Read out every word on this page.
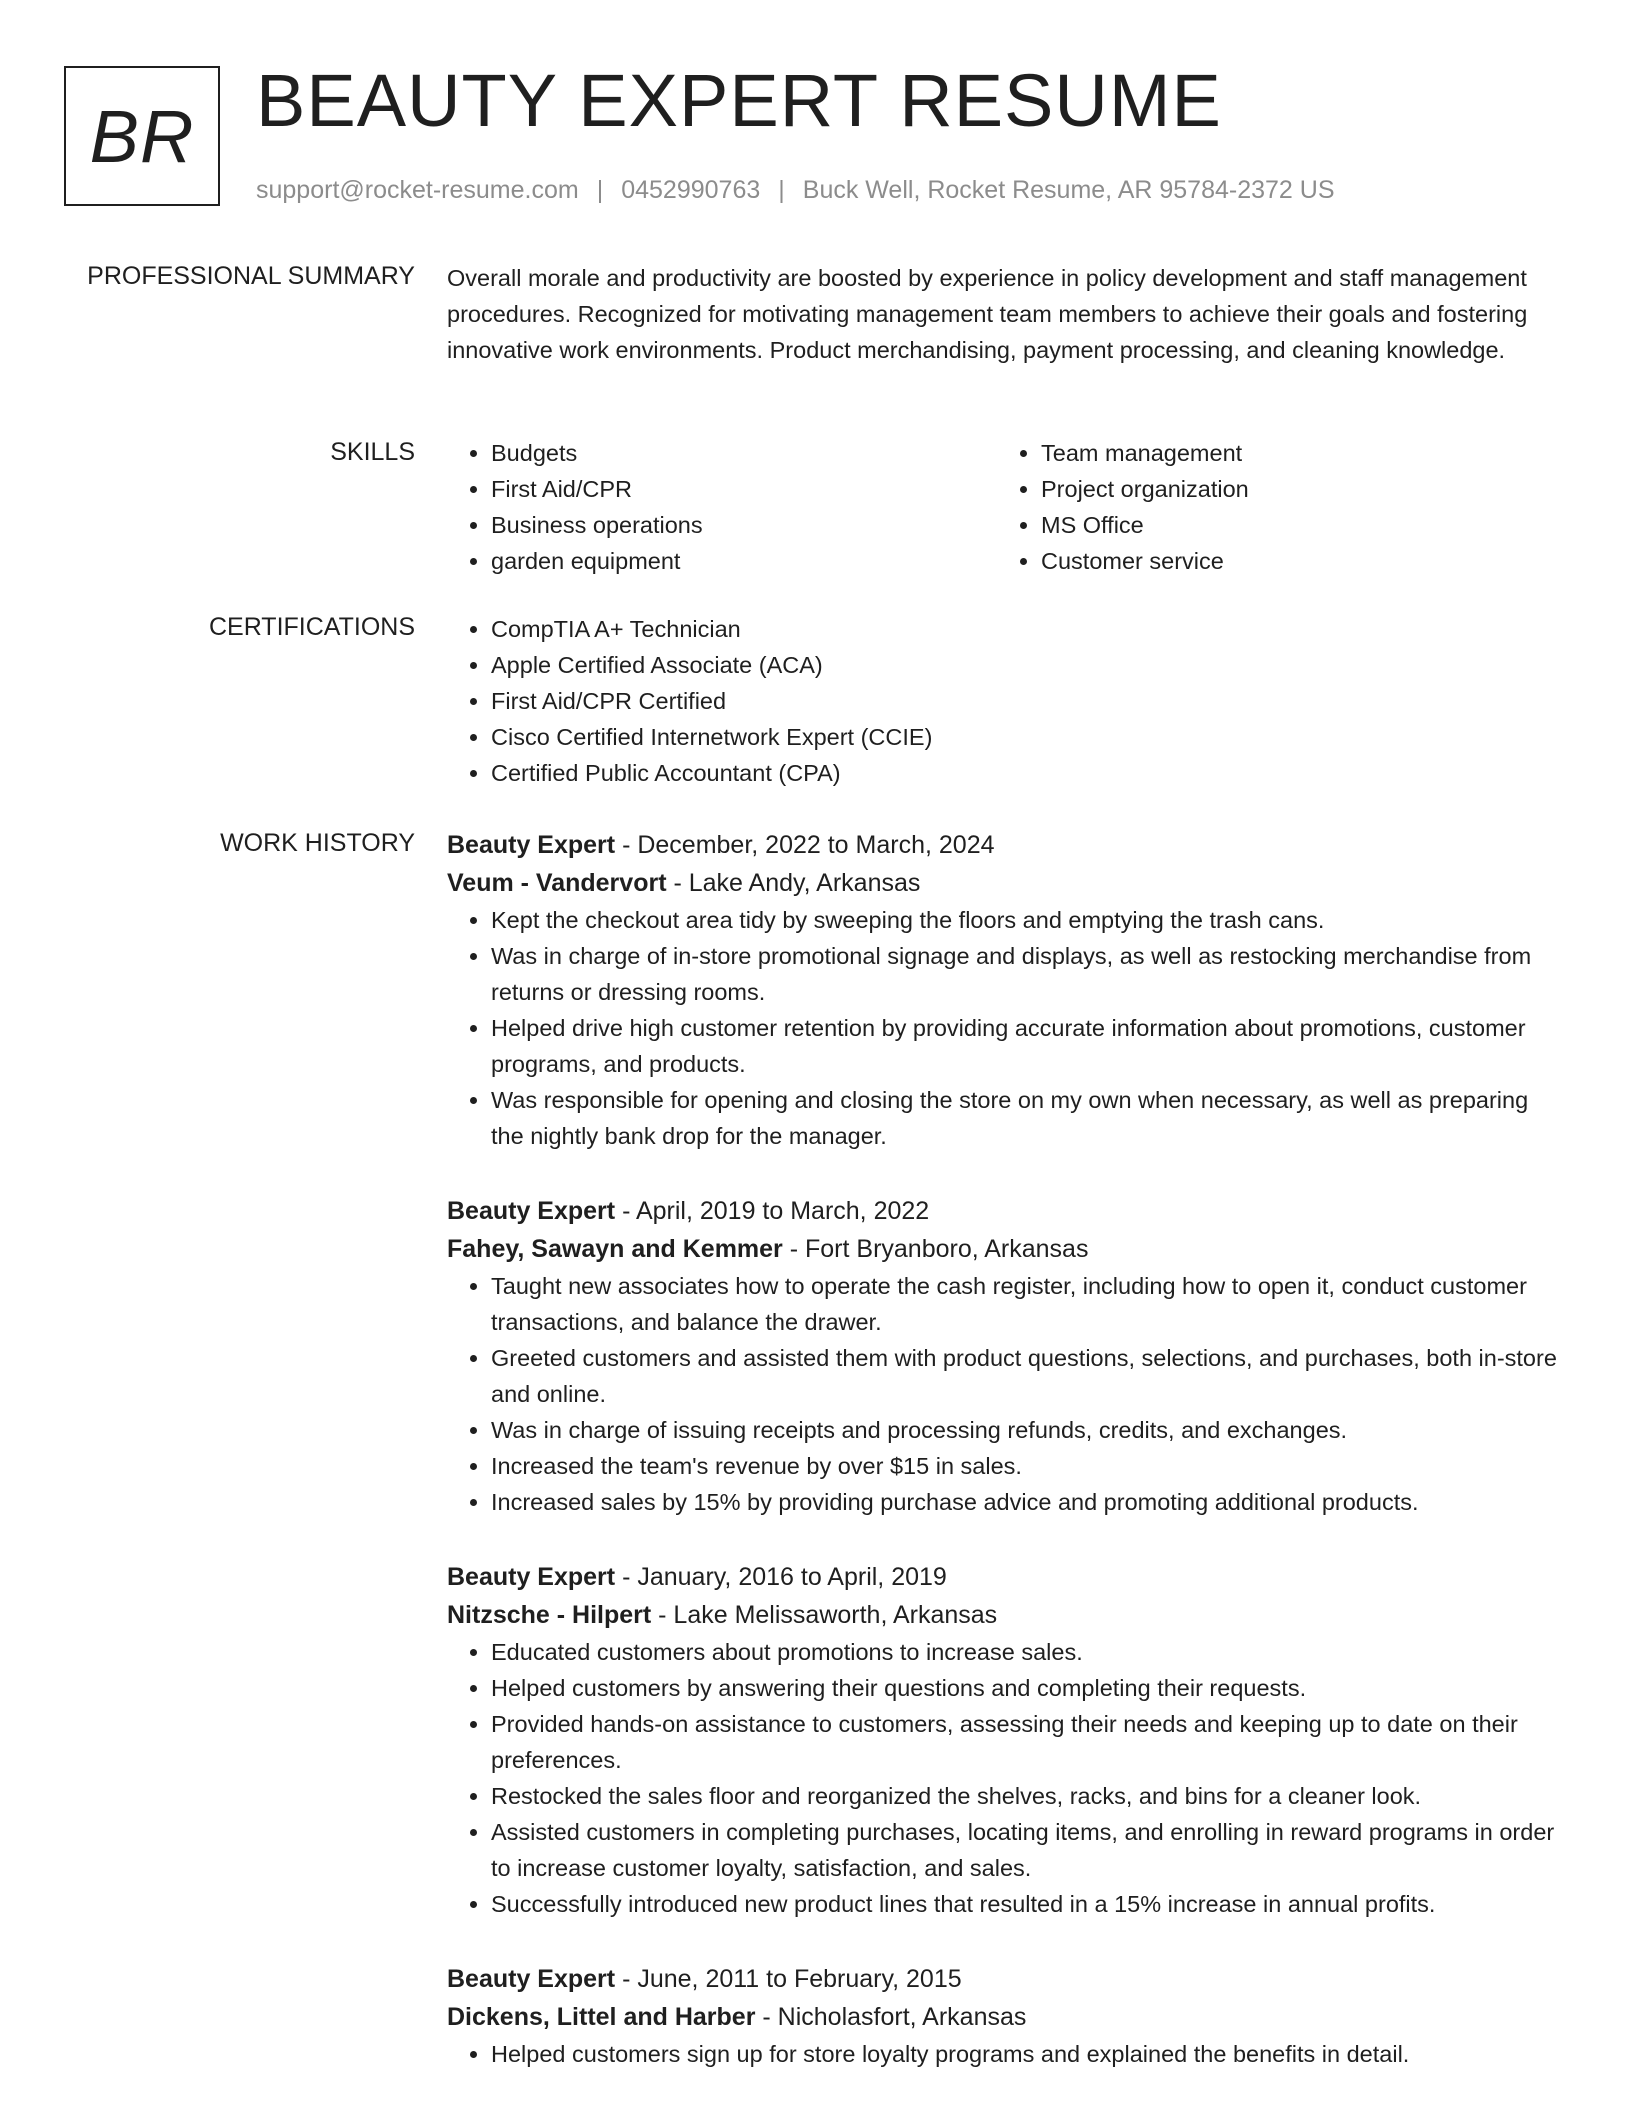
BR BEAUTY EXPERT RESUME
support@rocket-resume.com | 0452990763 | Buck Well, Rocket Resume, AR 95784-2372 US
PROFESSIONAL SUMMARY Overall morale and productivity are boosted by experience in policy development and staff management procedures. Recognized for motivating management team members to achieve their goals and fostering innovative work environments. Product merchandising, payment processing, and cleaning knowledge.

SKILLS	• Budgets
• First Aid/CPR
• Business operations
• garden equipment
• Team management
• Project organization
• MS Office
• Customer service
CERTIFICATIONS	• CompTIA A+ Technician
• Apple Certified Associate (ACA)
• First Aid/CPR Certified
• Cisco Certified Internetwork Expert (CCIE)
• Certified Public Accountant (CPA)
WORK HISTORY Beauty Expert - December, 2022 to March, 2024
Veum - Vandervort - Lake Andy, Arkansas
• Kept the checkout area tidy by sweeping the floors and emptying the trash cans.
• Was in charge of in-store promotional signage and displays, as well as restocking merchandise from returns or dressing rooms.
• Helped drive high customer retention by providing accurate information about promotions, customer programs, and products.
• Was responsible for opening and closing the store on my own when necessary, as well as preparing the nightly bank drop for the manager.
Beauty Expert - April, 2019 to March, 2022
Fahey, Sawayn and Kemmer - Fort Bryanboro, Arkansas
• Taught new associates how to operate the cash register, including how to open it, conduct customer transactions, and balance the drawer.
• Greeted customers and assisted them with product questions, selections, and purchases, both in-store and online.
• Was in charge of issuing receipts and processing refunds, credits, and exchanges.
• Increased the team's revenue by over $15 in sales.
• Increased sales by 15% by providing purchase advice and promoting additional products.
Beauty Expert - January, 2016 to April, 2019
Nitzsche - Hilpert - Lake Melissaworth, Arkansas
• Educated customers about promotions to increase sales.
• Helped customers by answering their questions and completing their requests.
• Provided hands-on assistance to customers, assessing their needs and keeping up to date on their preferences.
• Restocked the sales floor and reorganized the shelves, racks, and bins for a cleaner look.
• Assisted customers in completing purchases, locating items, and enrolling in reward programs in order to increase customer loyalty, satisfaction, and sales.
• Successfully introduced new product lines that resulted in a 15% increase in annual profits.
Beauty Expert - June, 2011 to February, 2015
Dickens, Littel and Harber - Nicholasfort, Arkansas
• Helped customers sign up for store loyalty programs and explained the benefits in detail.
